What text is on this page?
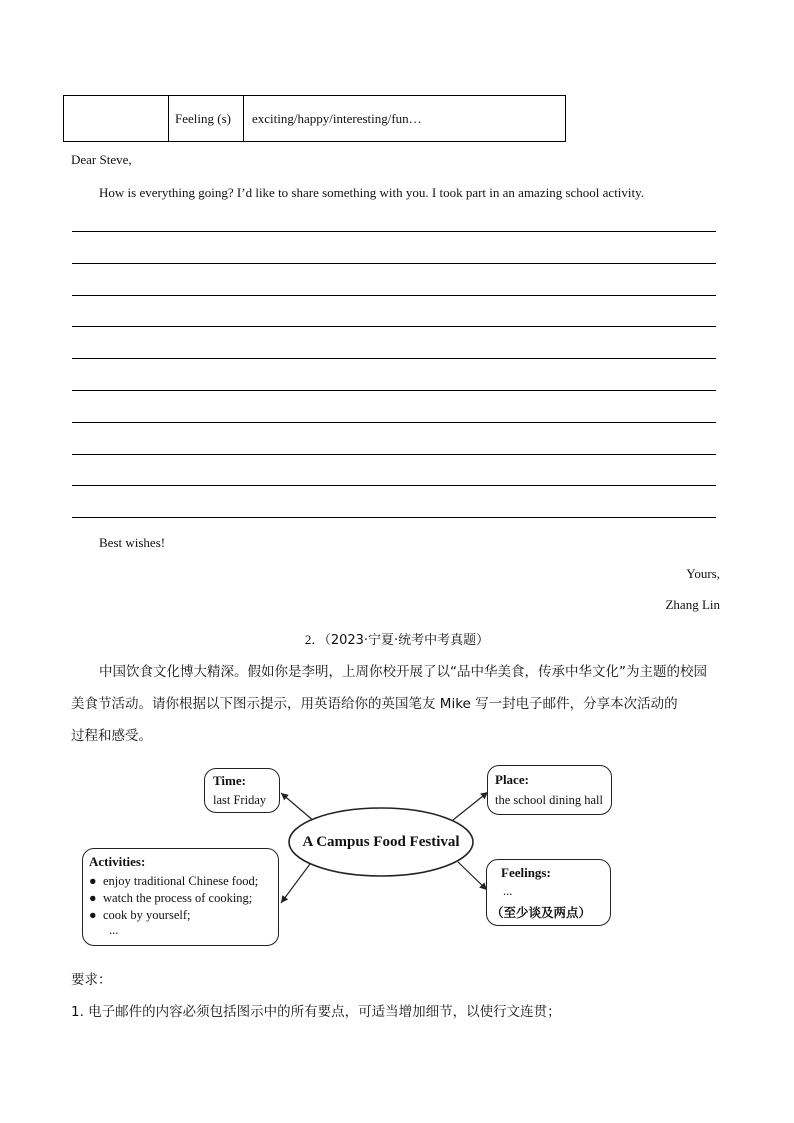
Feeling (s)	exciting/happy/interesting/fun…
Dear Steve,
How is everything going? I’d like to share something with you. I took part in an amazing school activity.
Best wishes!
Yours,
Zhang Lin
2．（2023·宁夏·统考中考真题）
中国饮食文化博大精深。假如你是李明，上周你校开展了以“品中华美食，传承中华文化”为主题的校园
美食节活动。请你根据以下图示提示，用英语给你的英国笔友 Mike 写一封电子邮件，分享本次活动的
过程和感受。
A Campus Food Festival
Time:
last Friday
Place:
the school dining hall
Activities:
● enjoy traditional Chinese food;
● watch the process of cooking;
● cook by yourself;
...
Feelings:
...
（至少谈及两点）
要求：
1. 电子邮件的内容必须包括图示中的所有要点，可适当增加细节，以使行文连贯；
